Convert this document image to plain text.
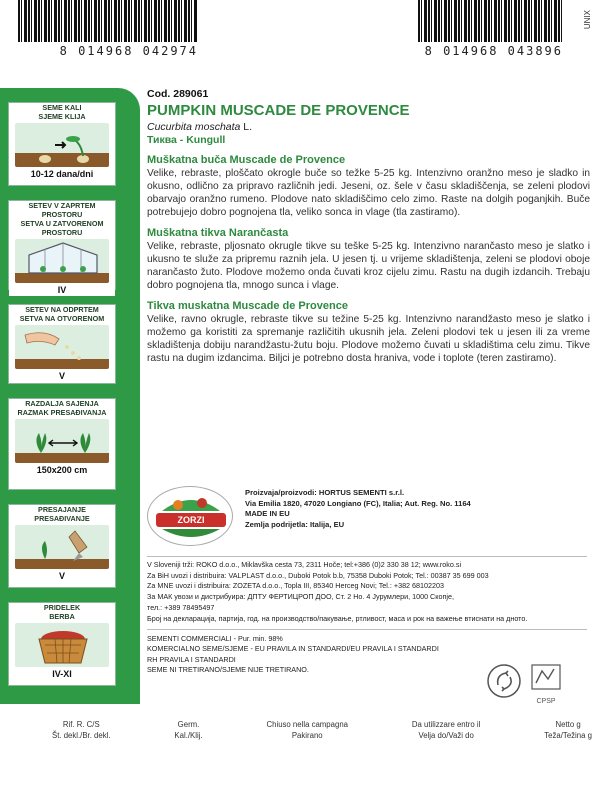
8 014968 042974	8 014968 043896
UNIX
SEME KALI
SJEME KLIJA
10-12 dana/dni
SETEV V ZAPRTEM PROSTORU
SETVA U ZATVORENOM PROSTORU
IV
SETEV NA ODPRTEM
SETVA NA OTVORENOM
V
RAZDALJA SAJENJA
RAZMAK PRESAĐIVANJA
150x200 cm
PRESAJANJE
PRESAĐIVANJE
V
PRIDELEK
BERBA
IV-XI
Cod. 289061
PUMPKIN MUSCADE DE PROVENCE
Cucurbita moschata L.
Тиква - Kungull
Muškatna buča Muscade de Provence
Velike, rebraste, ploščato okrogle buče so težke 5-25 kg. Intenzivno oranžno meso je sladko in okusno, odlično za pripravo različnih jedi. Jeseni, oz. šele v času skladiščenja, se zeleni plodovi obarvajo oranžno rumeno. Plodove nato skladiščimo celo zimo. Raste na dolgih poganjkih. Buče potrebujejo dobro pognojena tla, veliko sonca in vlage (tla zastiramo).
Muškatna tikva Narančasta
Velike, rebraste, pljosnato okrugle tikve su teške 5-25 kg. Intenzivno narančasto meso je slatko i ukusno te služe za pripremu raznih jela. U jesen tj. u vrijeme skladištenja, zeleni se plodovi oboje narančasto žuto. Plodove možemo onda čuvati kroz cijelu zimu. Rastu na dugih izdancih. Trebaju dobro pognojena tla, mnogo sunca i vlage.
Tikva muskatna Muscade de Provence
Velike, ravno okrugle, rebraste tikve su težine 5-25 kg. Intenzivno narandžasto meso je slatko i možemo ga koristiti za spremanje različitih ukusnih jela. Zeleni plodovi tek u jesen ili za vreme skladištenja dobiju narandžastu-žutu boju. Plodove možemo čuvati u skladištima celu zimu. Tikve rastu na dugim izdancima. Biljci je potrebno dosta hraniva, vode i toplote (teren zastiramo).
ZORZI
Proizvaja/proizvodi: HORTUS SEMENTI s.r.l.
Via Emilia 1820, 47020 Longiano (FC), Italia; Aut. Reg. No. 1164
MADE IN EU
Zemlja podrijetla: Italija, EU
V Sloveniji trži: ROKO d.o.o., Miklavška cesta 73, 2311 Hoče; tel:+386 (0)2 330 38 12; www.roko.si
Za BiH uvozi i distribuira: VALPLAST d.o.o., Duboki Potok b.b, 75358 Duboki Potok; Tel.: 00387 35 699 003
Za MNE uvozi i distribuira: ZOZETA d.o.o., Topla III, 85340 Herceg Novi; Tel.: +382 68102203
За МАК увози и дистрибуира: ДПТУ ФЕРТИЦРОП ДОО, Ст. 2 Но. 4 Јурумлери, 1000 Скопје,
тел.: +389 78495497
Број на декларација, партија, год. на производство/пакување, ртливост, маса и рок на важење втиснати на дното.
SEMENTI COMMERCIALI - Pur. min. 98%
KOMERCIALNO SEME/SJEME - EU PRAVILA IN STANDARDI/EU PRAVILA I STANDARDI
RH PRAVILA I STANDARDI
SEME NI TRETIRANO/SJEME NIJE TRETIRANO.
CPSP
Rif. R. C/S
Št. dekl./Br. dekl.
Germ.
Kal./Klij.
Chiuso nella campagna
Pakirano
Da utilizzare entro il
Velja do/Važi do
Netto g
Teža/Težina g
